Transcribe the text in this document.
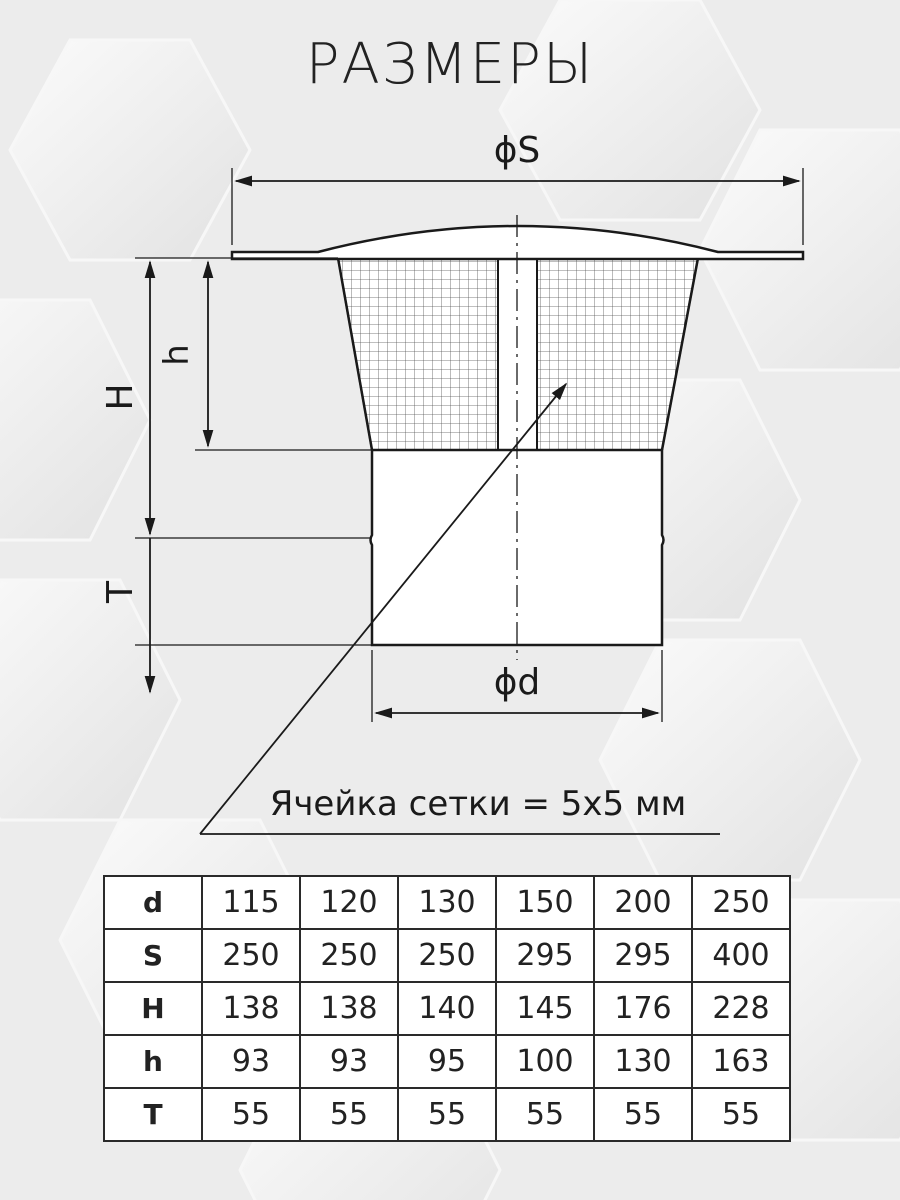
РАЗМЕРЫ
ϕS
ϕd
h
H
T
Ячейка сетки = 5х5 мм
d	115	120	130	150	200	250
S	250	250	250	295	295	400
H	138	138	140	145	176	228
h	93	93	95	100	130	163
T	55	55	55	55	55	55
